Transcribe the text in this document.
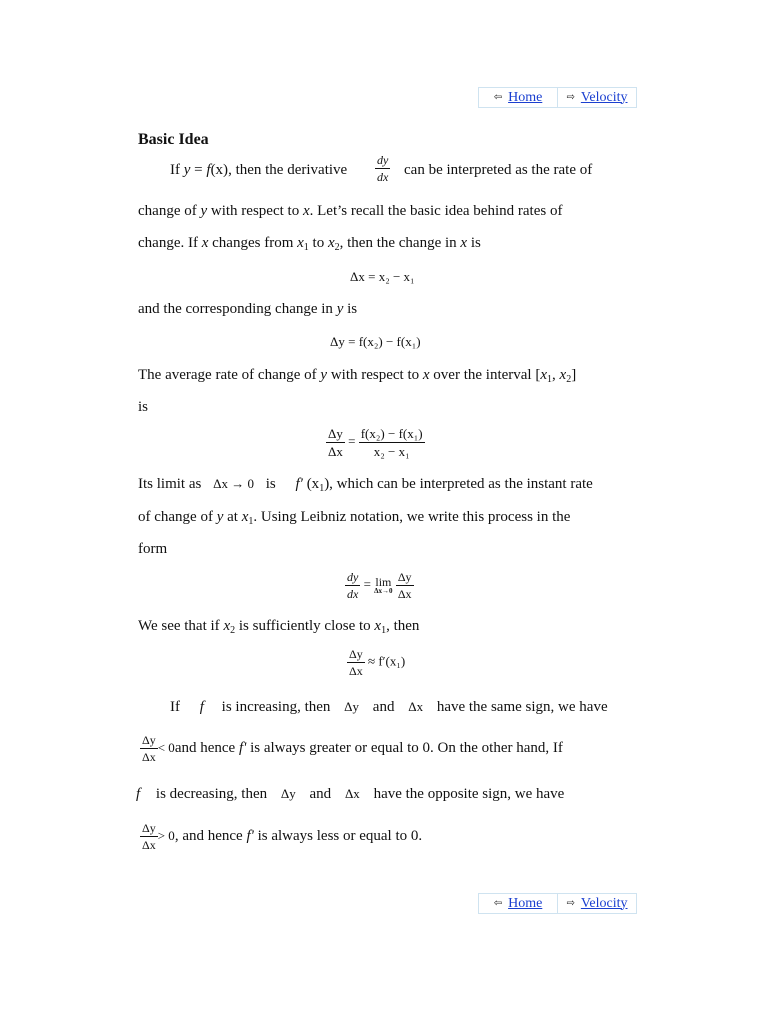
⇦ Home ⇨ Velocity
Basic Idea
If y = f(x), then the derivative $\frac{dy}{dx}$ can be interpreted as the rate of
change of y with respect to x. Let’s recall the basic idea behind rates of
change. If x changes from $x_1$ to $x_2$, then the change in x is
Δx = x₂ − x₁
and the corresponding change in y is
Δy = f(x₂) − f(x₁)
The average rate of change of y with respect to x over the interval [$x_1$, $x_2$]
is
$\frac{\Delta y}{\Delta x} = \frac{\text{f(x₂) − f(x₁)}}{\text{x₂ − x₁}}$
Its limit as Δx → 0 is f′ $(x_1)$, which can be interpreted as the instant rate
of change of y at $x_1$. Using Leibniz notation, we write this process in the
form
$\frac{dy}{dx} = \lim$
Δx→0
$\frac{\Delta y}{\Delta x}$
We see that if $x_2$ is sufficiently close to $x_1$, then
$\frac{\Delta y}{\Delta x} \approx f'(x_1)$
If f is increasing, then Δy and Δx have the same sign, we have
$\frac{\Delta y}{\Delta x} < 0and$ hence f' is always greater or equal to 0. On the other hand, If
f is decreasing, then Δy and Δx have the opposite sign, we have
$\frac{\Delta y}{\Delta x} > 0$, and hence f' is always less or equal to 0.
⇦ Home ⇨ Velocity
